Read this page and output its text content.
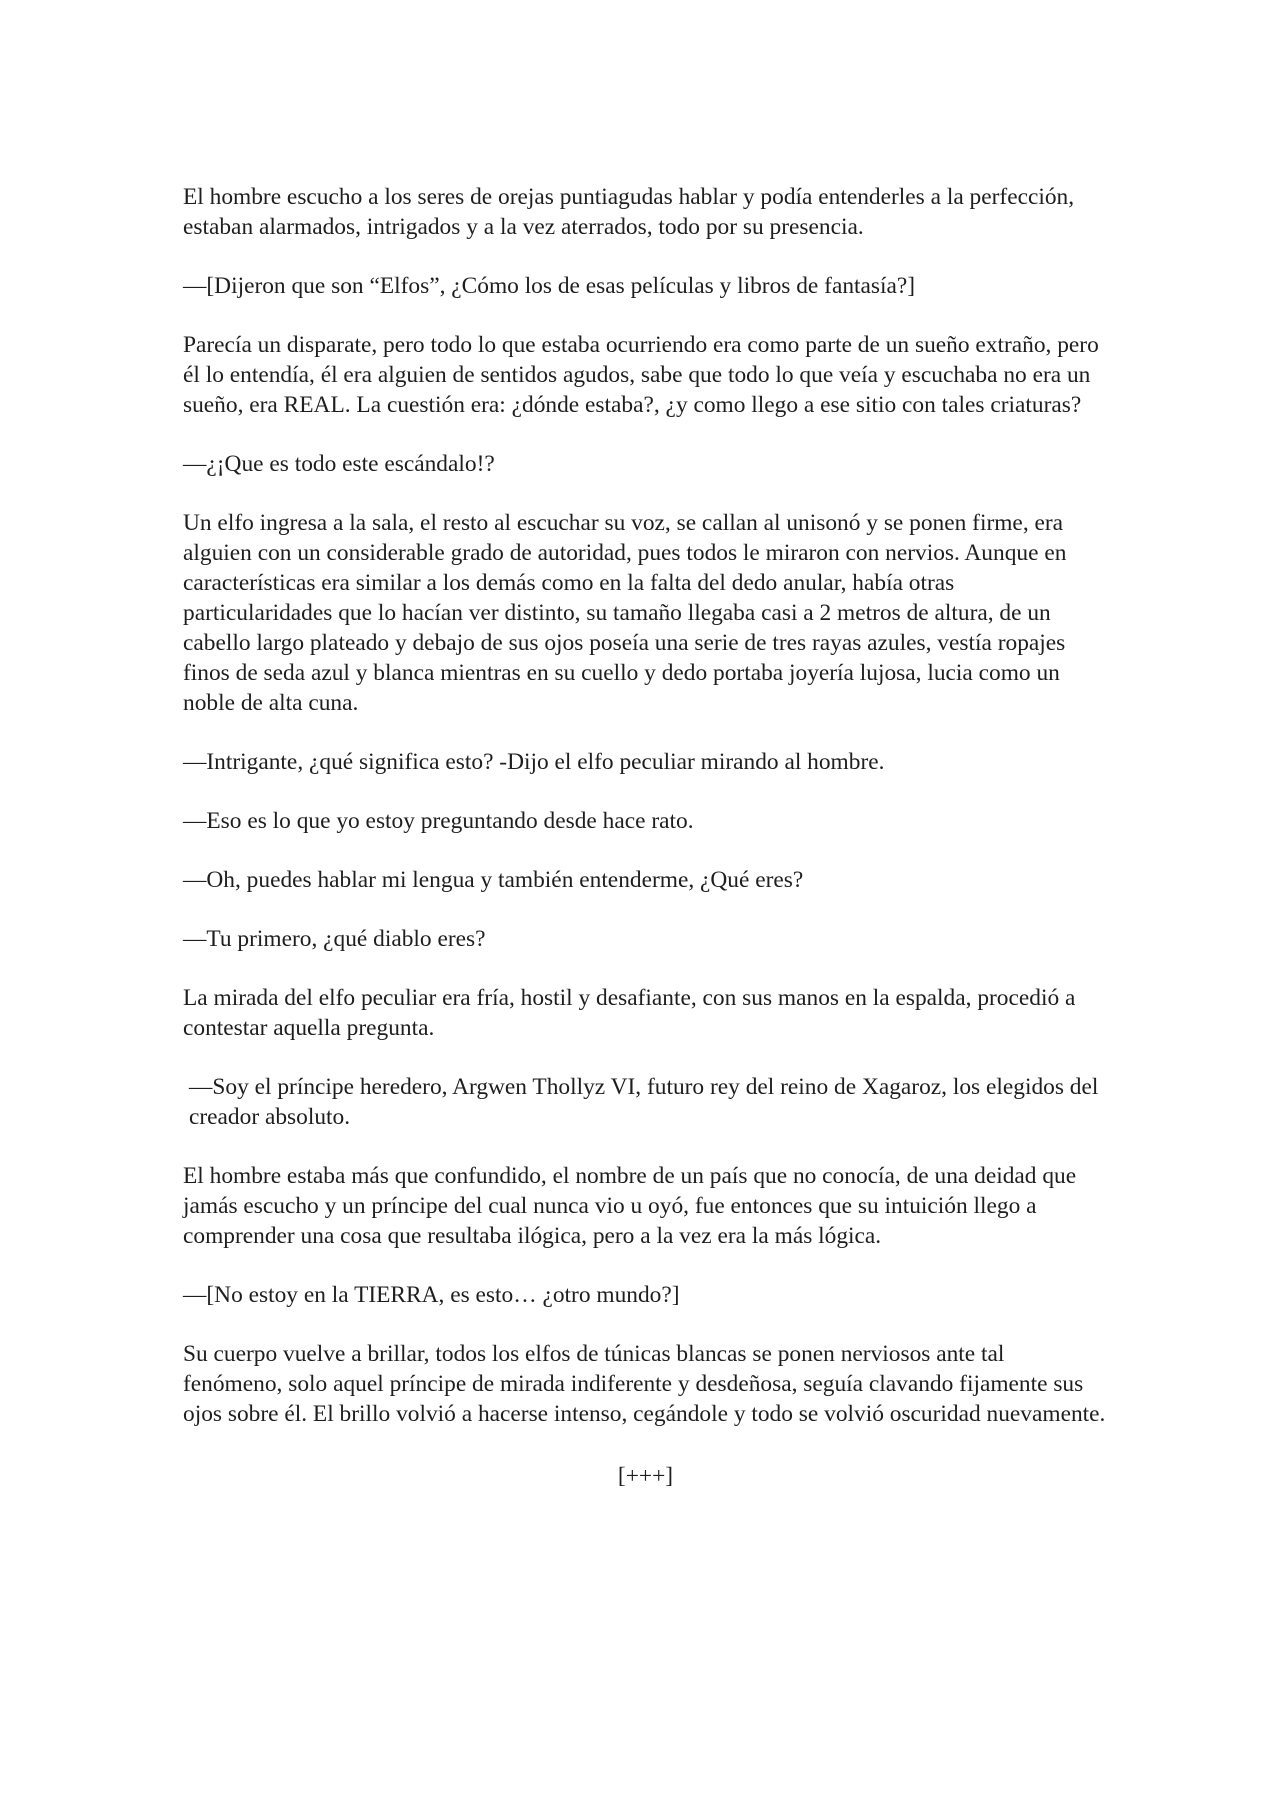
El hombre escucho a los seres de orejas puntiagudas hablar y podía entenderles a la perfección, estaban alarmados, intrigados y a la vez aterrados, todo por su presencia.

—[Dijeron que son “Elfos”, ¿Cómo los de esas películas y libros de fantasía?]

Parecía un disparate, pero todo lo que estaba ocurriendo era como parte de un sueño extraño, pero él lo entendía, él era alguien de sentidos agudos, sabe que todo lo que veía y escuchaba no era un sueño, era REAL. La cuestión era: ¿dónde estaba?, ¿y como llego a ese sitio con tales criaturas?

—¿¡Que es todo este escándalo!?

Un elfo ingresa a la sala, el resto al escuchar su voz, se callan al unisonó y se ponen firme, era alguien con un considerable grado de autoridad, pues todos le miraron con nervios. Aunque en características era similar a los demás como en la falta del dedo anular, había otras particularidades que lo hacían ver distinto, su tamaño llegaba casi a 2 metros de altura, de un cabello largo plateado y debajo de sus ojos poseía una serie de tres rayas azules, vestía ropajes finos de seda azul y blanca mientras en su cuello y dedo portaba joyería lujosa, lucia como un noble de alta cuna.

—Intrigante, ¿qué significa esto? -Dijo el elfo peculiar mirando al hombre.

—Eso es lo que yo estoy preguntando desde hace rato.

—Oh, puedes hablar mi lengua y también entenderme, ¿Qué eres?

—Tu primero, ¿qué diablo eres?

La mirada del elfo peculiar era fría, hostil y desafiante, con sus manos en la espalda, procedió a contestar aquella pregunta.

—Soy el príncipe heredero, Argwen Thollyz VI, futuro rey del reino de Xagaroz, los elegidos del creador absoluto.

El hombre estaba más que confundido, el nombre de un país que no conocía, de una deidad que jamás escucho y un príncipe del cual nunca vio u oyó, fue entonces que su intuición llego a comprender una cosa que resultaba ilógica, pero a la vez era la más lógica.

—[No estoy en la TIERRA, es esto… ¿otro mundo?]

Su cuerpo vuelve a brillar, todos los elfos de túnicas blancas se ponen nerviosos ante tal fenómeno, solo aquel príncipe de mirada indiferente y desdeñosa, seguía clavando fijamente sus ojos sobre él. El brillo volvió a hacerse intenso, cegándole y todo se volvió oscuridad nuevamente.

[+++]
